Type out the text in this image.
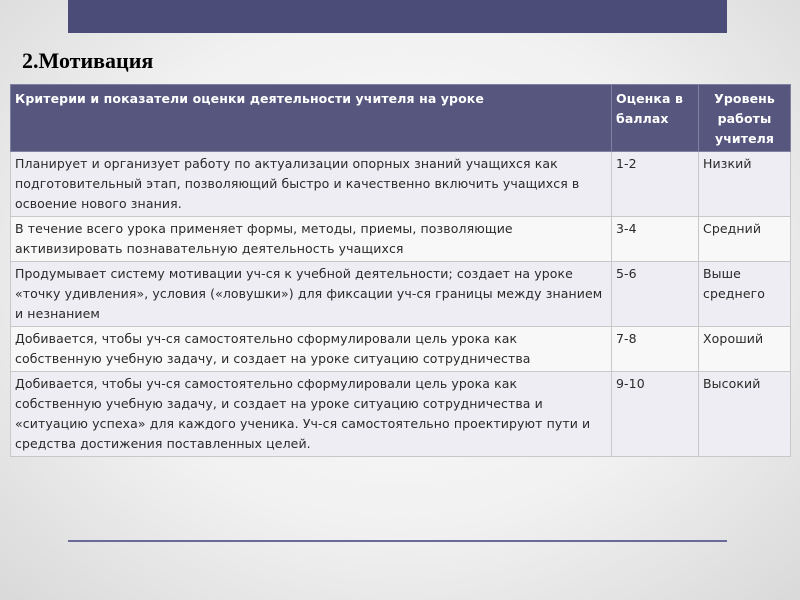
2.Мотивация
Критерии и показатели оценки деятельности учителя на уроке	Оценка в баллах	Уровень работы учителя
Планирует и организует работу по актуализации опорных знаний учащихся как подготовительный этап, позволяющий быстро и качественно включить учащихся в освоение нового знания.	1-2	Низкий
В течение всего урока применяет формы, методы, приемы, позволяющие активизировать познавательную деятельность учащихся	3-4	Средний
Продумывает систему мотивации уч-ся к учебной деятельности; создает на уроке «точку удивления», условия («ловушки») для фиксации уч-ся границы между знанием и незнанием	5-6	Выше среднего
Добивается, чтобы уч-ся самостоятельно сформулировали цель урока как собственную учебную задачу, и создает на уроке ситуацию сотрудничества	7-8	Хороший
Добивается, чтобы уч-ся самостоятельно сформулировали цель урока как собственную учебную задачу, и создает на уроке ситуацию сотрудничества и «ситуацию успеха» для каждого ученика. Уч-ся самостоятельно проектируют пути и средства достижения поставленных целей.	9-10	Высокий
